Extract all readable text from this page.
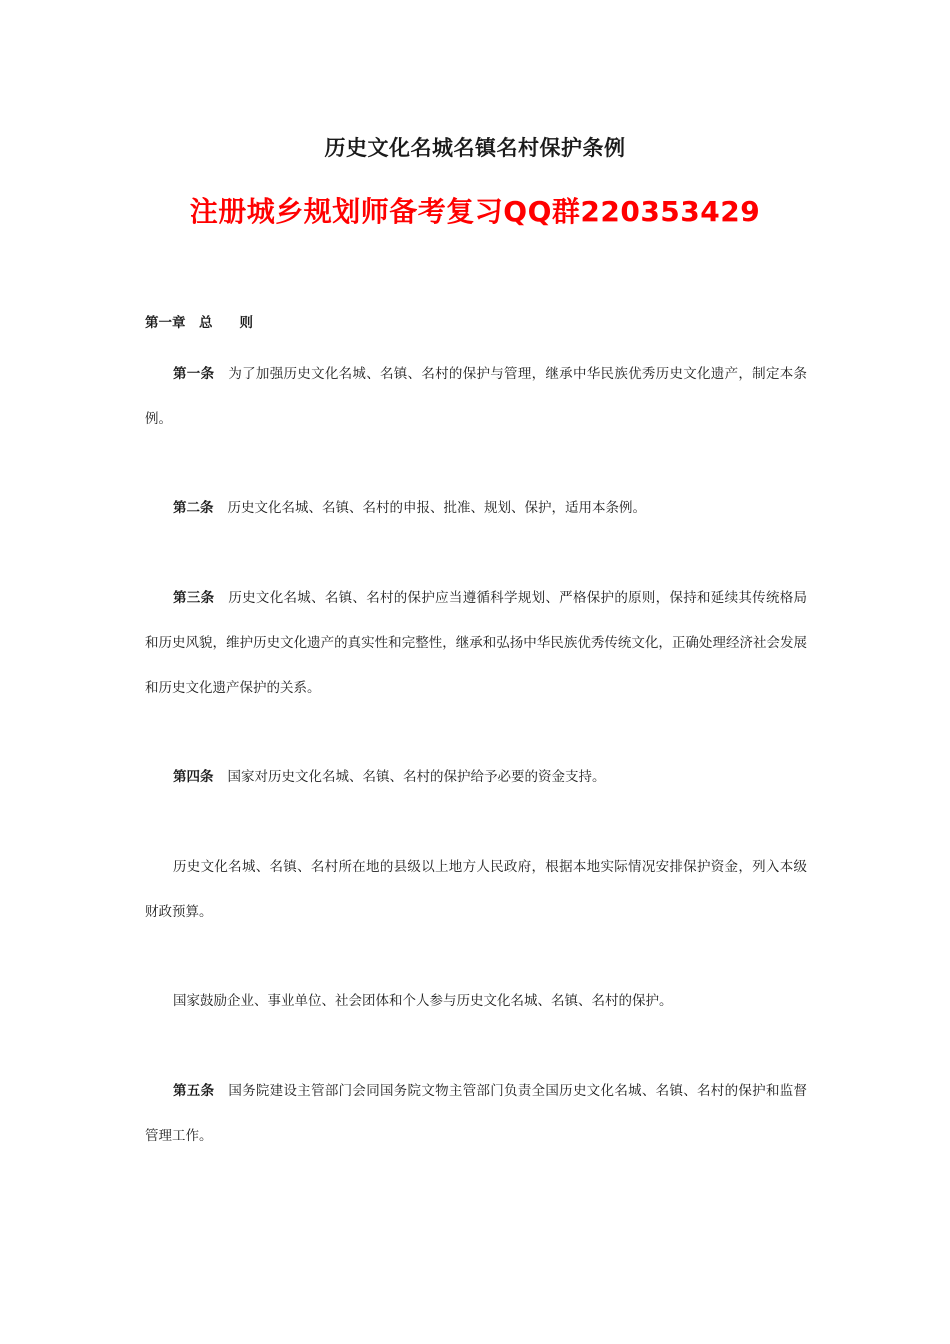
历史文化名城名镇名村保护条例
注册城乡规划师备考复习QQ群220353429
第一章　总　　则

第一条 为了加强历史文化名城、名镇、名村的保护与管理，继承中华民族优秀历史文化遗产，制定本条例。

第二条 历史文化名城、名镇、名村的申报、批准、规划、保护，适用本条例。

第三条 历史文化名城、名镇、名村的保护应当遵循科学规划、严格保护的原则，保持和延续其传统格局和历史风貌，维护历史文化遗产的真实性和完整性，继承和弘扬中华民族优秀传统文化，正确处理经济社会发展和历史文化遗产保护的关系。

第四条 国家对历史文化名城、名镇、名村的保护给予必要的资金支持。

历史文化名城、名镇、名村所在地的县级以上地方人民政府，根据本地实际情况安排保护资金，列入本级财政预算。

国家鼓励企业、事业单位、社会团体和个人参与历史文化名城、名镇、名村的保护。

第五条 国务院建设主管部门会同国务院文物主管部门负责全国历史文化名城、名镇、名村的保护和监督管理工作。
